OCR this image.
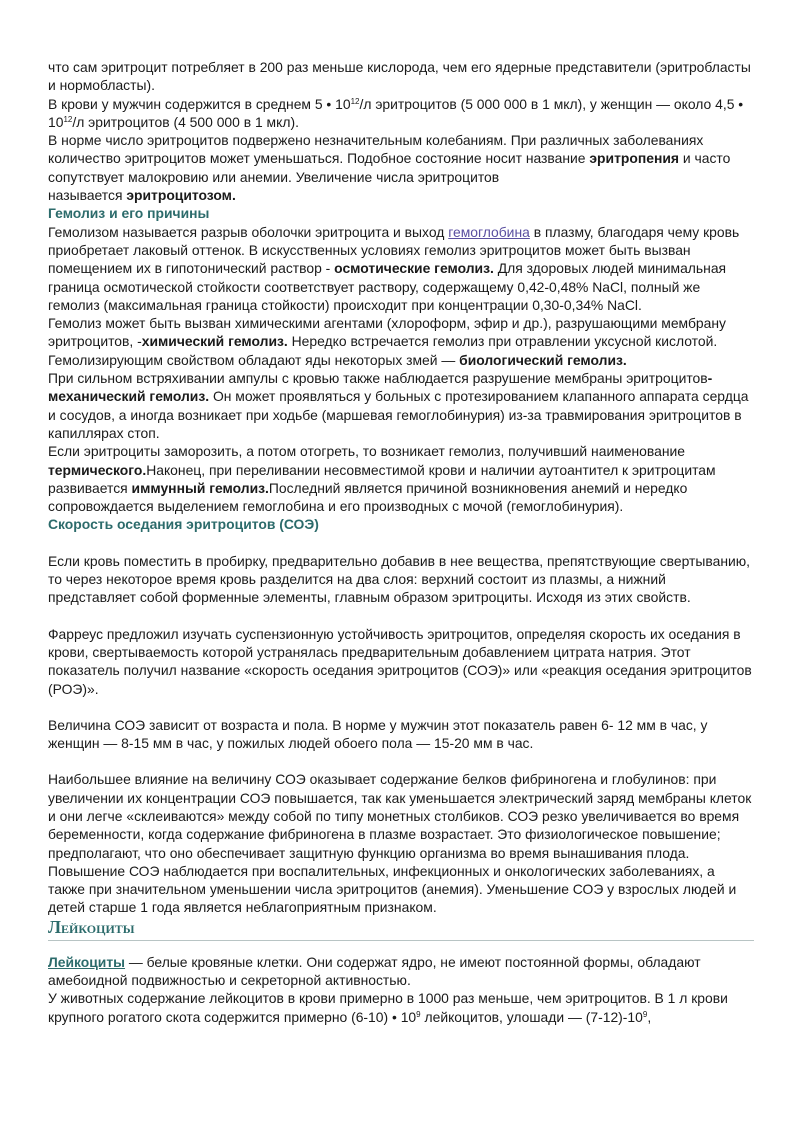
что сам эритроцит потребляет в 200 раз меньше кислорода, чем его ядерные представители (эритробласты и нормобласты).

В крови у мужчин содержится в среднем 5 • $10^{12}/л$ эритроцитов (5 000 000 в 1 мкл), у женщин — около 4,5 • $10^{12}/л$ эритроцитов (4 500 000 в 1 мкл).

В норме число эритроцитов подвержено незначительным колебаниям. При различных заболеваниях количество эритроцитов может уменьшаться. Подобное состояние носит название эритропения и часто сопутствует малокровию или анемии. Увеличение числа эритроцитов
называется эритроцитозом.

Гемолиз и его причины

Гемолизом называется разрыв оболочки эритроцита и выход гемоглобина в плазму, благодаря чему кровь приобретает лаковый оттенок. В искусственных условиях гемолиз эритроцитов может быть вызван помещением их в гипотонический раствор - осмотические гемолиз. Для здоровых людей минимальная граница осмотической стойкости соответствует раствору, содержащему 0,42-0,48% NaCl, полный же гемолиз (максимальная граница стойкости) происходит при концентрации 0,30-0,34% NaCl.

Гемолиз может быть вызван химическими агентами (хлороформ, эфир и др.), разрушающими мембрану эритроцитов, -химический гемолиз. Нередко встречается гемолиз при отравлении уксусной кислотой. Гемолизирующим свойством обладают яды некоторых змей — биологический гемолиз.

При сильном встряхивании ампулы с кровью также наблюдается разрушение мембраны эритроцитов-механический гемолиз. Он может проявляться у больных с протезированием клапанного аппарата сердца и сосудов, а иногда возникает при ходьбе (маршевая гемоглобинурия) из-за травмирования эритроцитов в капиллярах стоп.

Если эритроциты заморозить, а потом отогреть, то возникает гемолиз, получивший наименование термического.Наконец, при переливании несовместимой крови и наличии аутоантител к эритроцитам развивается иммунный гемолиз.Последний является причиной возникновения анемий и нередко сопровождается выделением гемоглобина и его производных с мочой (гемоглобинурия).

Скорость оседания эритроцитов (СОЭ)

Если кровь поместить в пробирку, предварительно добавив в нее вещества, препятствующие свертыванию, то через некоторое время кровь разделится на два слоя: верхний состоит из плазмы, а нижний представляет собой форменные элементы, главным образом эритроциты. Исходя из этих свойств.

Фарреус предложил изучать суспензионную устойчивость эритроцитов, определяя скорость их оседания в крови, свертываемость которой устранялась предварительным добавлением цитрата натрия. Этот показатель получил название «скорость оседания эритроцитов (СОЭ)» или «реакция оседания эритроцитов (РОЭ)».

Величина СОЭ зависит от возраста и пола. В норме у мужчин этот показатель равен 6- 12 мм в час, у женщин — 8-15 мм в час, у пожилых людей обоего пола — 15-20 мм в час.

Наибольшее влияние на величину СОЭ оказывает содержание белков фибриногена и глобулинов: при увеличении их концентрации СОЭ повышается, так как уменьшается электрический заряд мембраны клеток и они легче «склеиваются» между собой по типу монетных столбиков. СОЭ резко увеличивается во время беременности, когда содержание фибриногена в плазме возрастает. Это физиологическое повышение; предполагают, что оно обеспечивает защитную функцию организма во время вынашивания плода. Повышение СОЭ наблюдается при воспалительных, инфекционных и онкологических заболеваниях, а также при значительном уменьшении числа эритроцитов (анемия). Уменьшение СОЭ у взрослых людей и детей старше 1 года является неблагоприятным признаком.

Лейкоциты

Лейкоциты — белые кровяные клетки. Они содержат ядро, не имеют постоянной формы, обладают амебоидной подвижностью и секреторной активностью.

У животных содержание лейкоцитов в крови примерно в 1000 раз меньше, чем эритроцитов. В 1 л крови крупного рогатого скота содержится примерно (6-10) • $10^9$ лейкоцитов, улошади — $(7-12)-10^9$,
